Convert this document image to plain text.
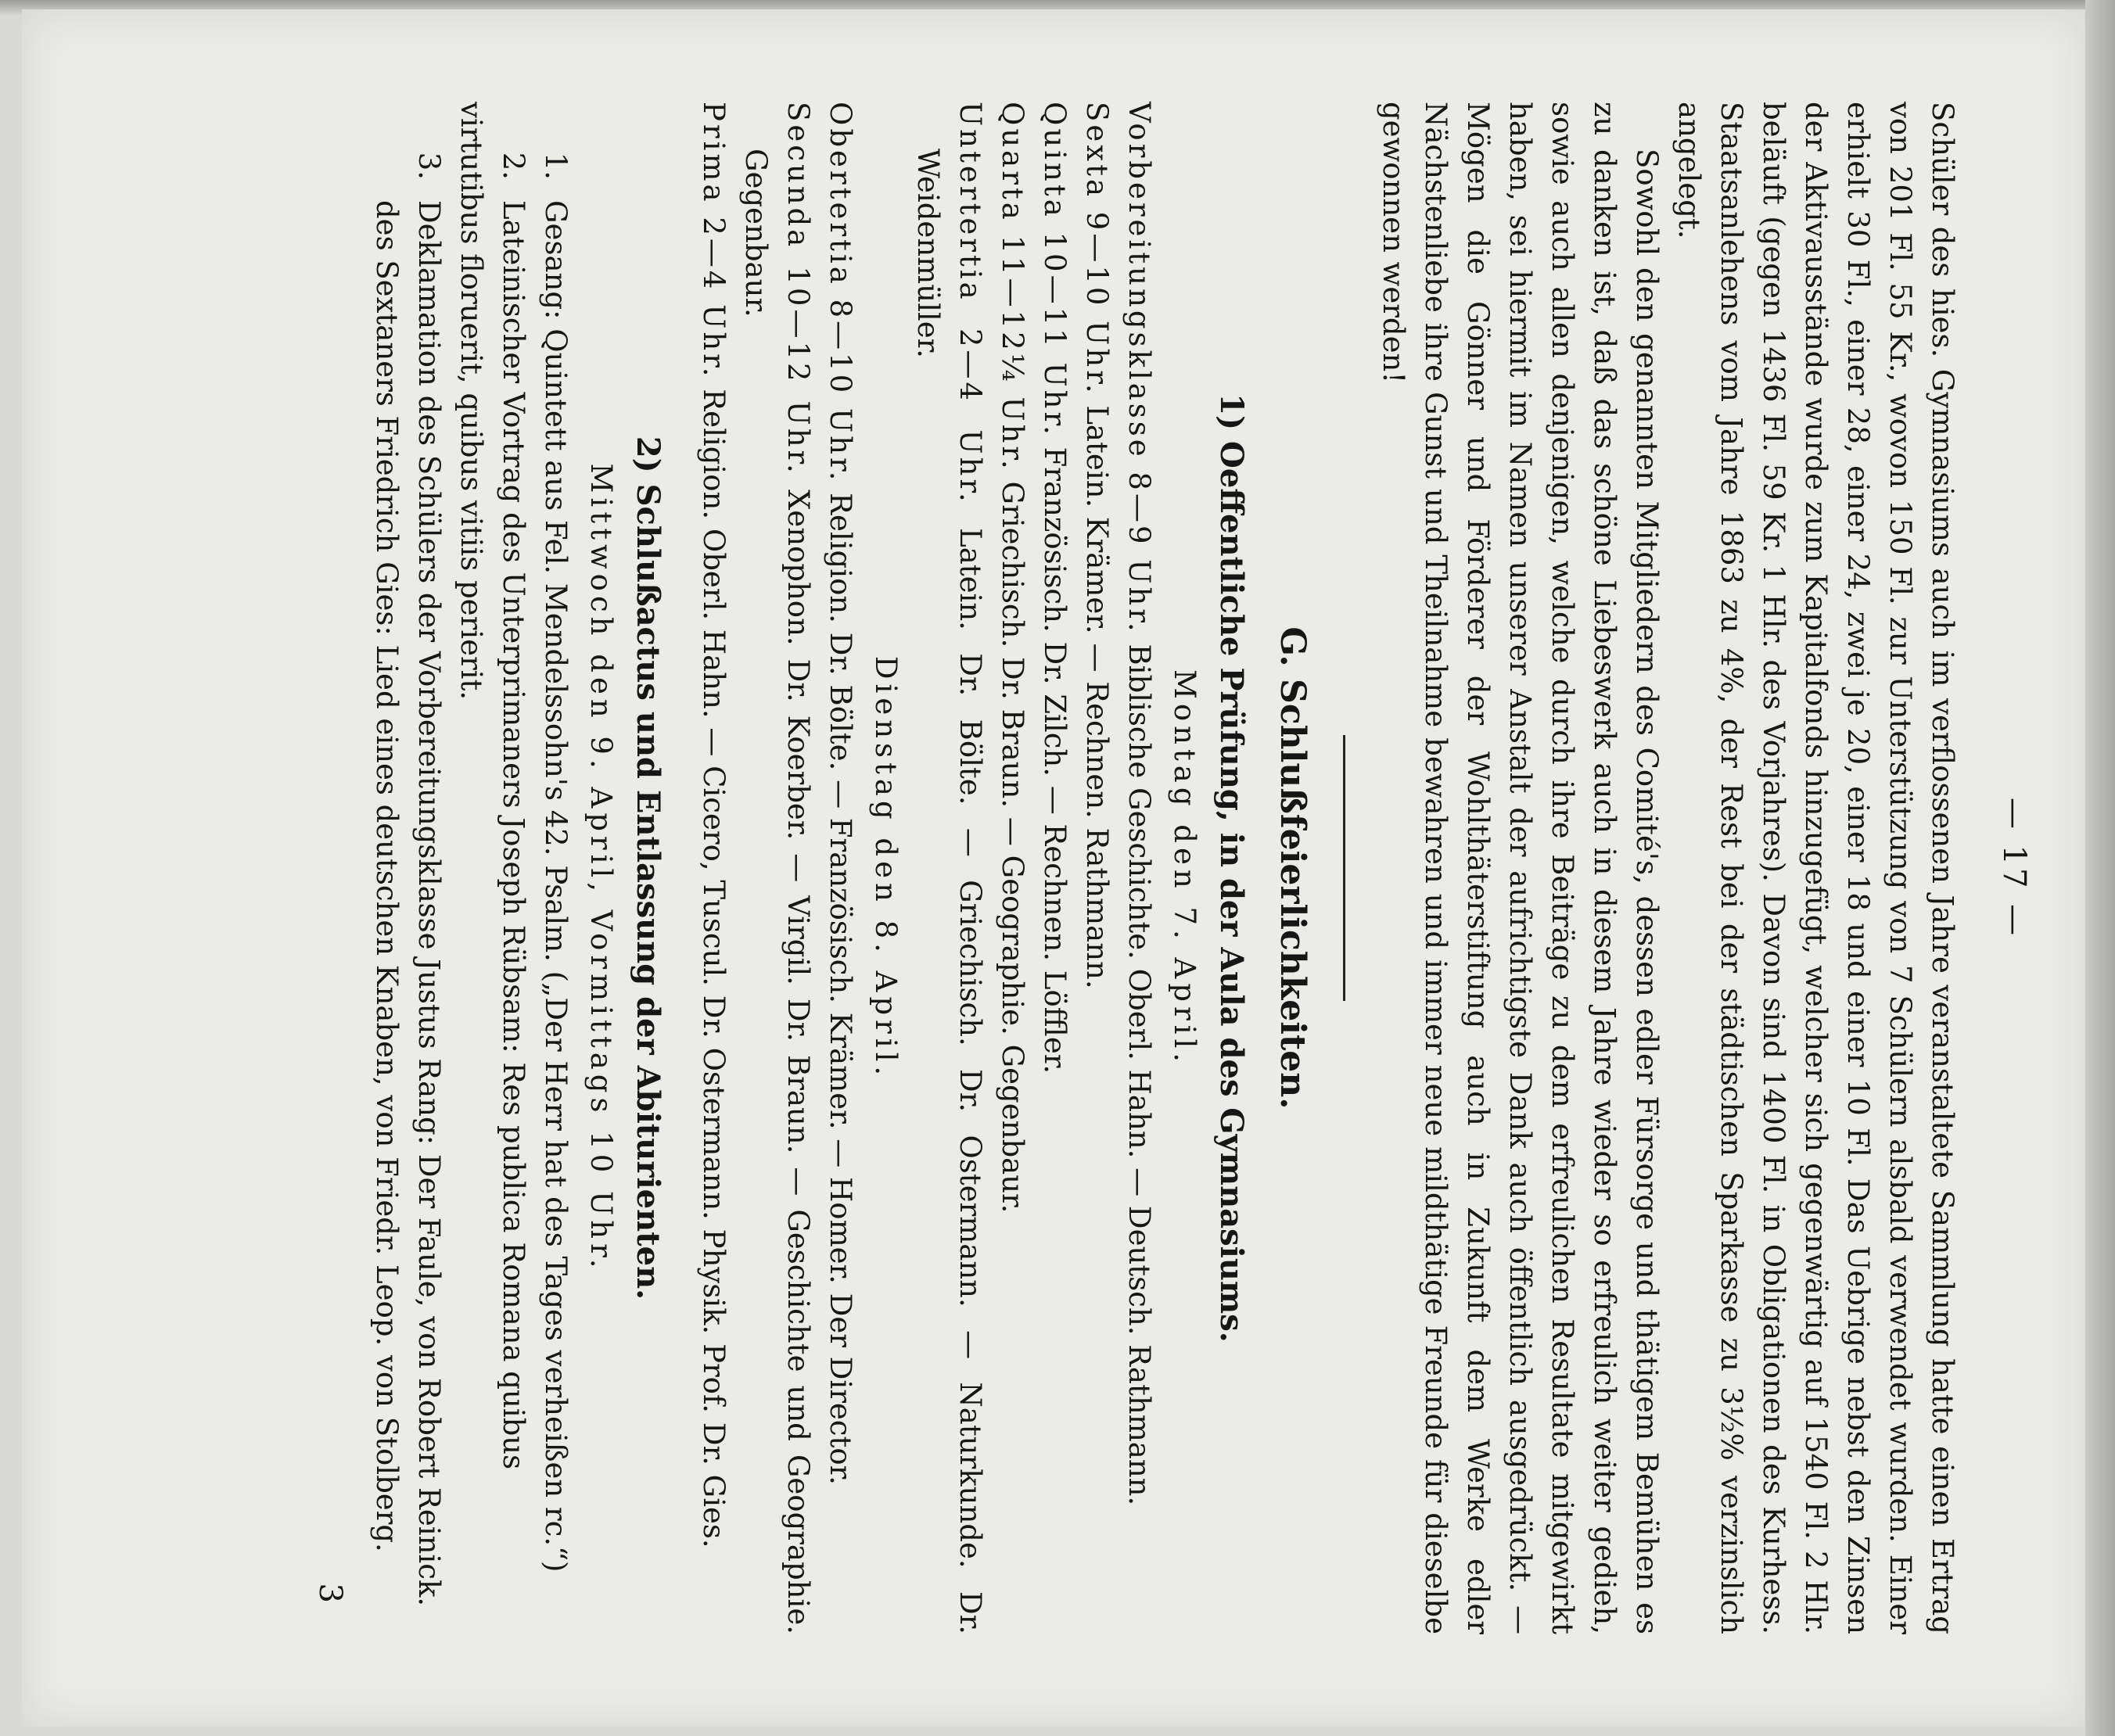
— 17 —

Schüler des hies. Gymnasiums auch im verflossenen Jahre veranstaltete Sammlung hatte einen Ertrag von 201 Fl. 55 Kr., wovon 150 Fl. zur Unterstützung von 7 Schülern alsbald verwendet wurden. Einer erhielt 30 Fl., einer 28, einer 24, zwei je 20, einer 18 und einer 10 Fl. Das Uebrige nebst den Zinsen der Aktivausstände wurde zum Kapitalfonds hinzugefügt, welcher sich gegenwärtig auf 1540 Fl. 2 Hlr. beläuft (gegen 1436 Fl. 59 Kr. 1 Hlr. des Vorjahres). Davon sind 1400 Fl. in Obligationen des Kurhess. Staatsanlehens vom Jahre 1863 zu 4%, der Rest bei der städtischen Sparkasse zu 3½% verzinslich angelegt.

Sowohl den genannten Mitgliedern des Comité's, dessen edler Fürsorge und thätigem Bemühen es zu danken ist, daß das schöne Liebeswerk auch in diesem Jahre wieder so erfreulich weiter gedieh, sowie auch allen denjenigen, welche durch ihre Beiträge zu dem erfreulichen Resultate mitgewirkt haben, sei hiermit im Namen unserer Anstalt der aufrichtigste Dank auch öffentlich ausgedrückt. — Mögen die Gönner und Förderer der Wohlthäterstiftung auch in Zukunft dem Werke edler Nächstenliebe ihre Gunst und Theilnahme bewahren und immer neue mildthätige Freunde für dieselbe gewonnen werden!

G. Schlußfeierlichkeiten.
1) Oeffentliche Prüfung, in der Aula des Gymnasiums.
Montag den 7. April.

Vorbereitungsklasse 8—9 Uhr. Biblische Geschichte. Oberl. Hahn. — Deutsch. Rathmann.

Sexta 9—10 Uhr. Latein. Krämer. — Rechnen. Rathmann.

Quinta 10—11 Uhr. Französisch. Dr. Zilch. — Rechnen. Löffler.

Quarta 11—12¼ Uhr. Griechisch. Dr. Braun. — Geographie. Gegenbaur.

Untertertia 2—4 Uhr. Latein. Dr. Bölte. — Griechisch. Dr. Ostermann. — Naturkunde. Dr. Weidenmüller.

Dienstag den 8. April.

Obertertia 8—10 Uhr. Religion. Dr. Bölte. — Französisch. Krämer. — Homer. Der Director.

Secunda 10—12 Uhr. Xenophon. Dr. Koerber. — Virgil. Dr. Braun. — Geschichte und Geographie. Gegenbaur.

Prima 2—4 Uhr. Religion. Oberl. Hahn. — Cicero, Tuscul. Dr. Ostermann. Physik. Prof. Dr. Gies.

2) Schlußactus und Entlassung der Abiturienten.
Mittwoch den 9. April, Vormittags 10 Uhr.
1.
Gesang: Quintett aus Fel. Mendelssohn's 42. Psalm. („Der Herr hat des Tages verheißen rc.“)
2.
Lateinischer Vortrag des Unterprimaners Joseph Rübsam: Res publica Romana quibus

virtutibus floruerit, quibus vitiis perierit.

3.
Deklamation des Schülers der Vorbereitungsklasse Justus Rang: Der Faule, von Robert Reinick.
des Sextaners Friedrich Gies: Lied eines deutschen Knaben, von Friedr. Leop. von Stolberg.
3
